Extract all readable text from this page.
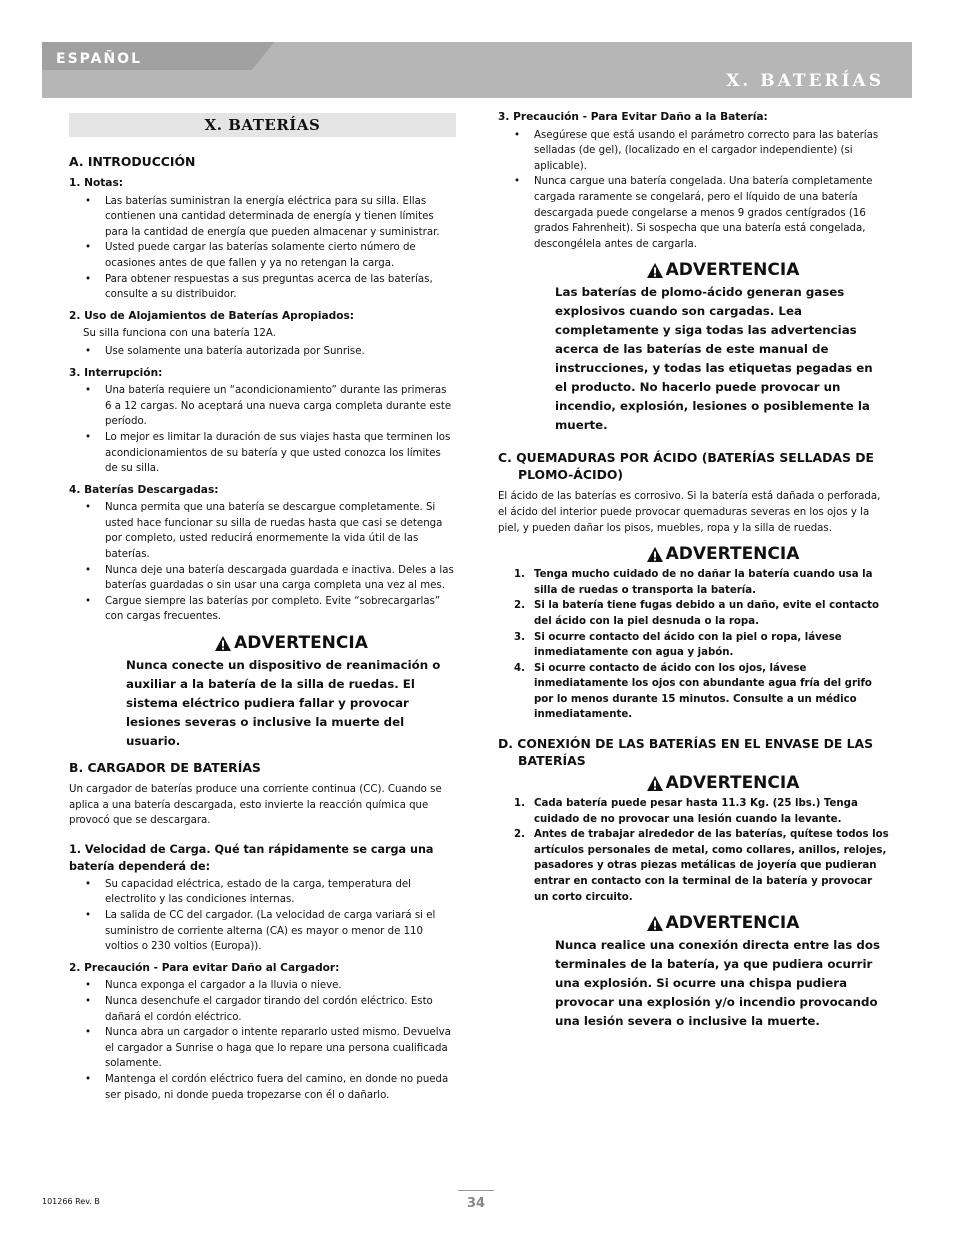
ESPAÑOL
X. BATERÍAS
X. BATERÍAS
A. INTRODUCCIÓN
1. Notas:
• Las baterías suministran la energía eléctrica para su silla. Ellas contienen una cantidad determinada de energía y tienen límites para la cantidad de energía que pueden almacenar y suministrar.
• Usted puede cargar las baterías solamente cierto número de ocasiones antes de que fallen y ya no retengan la carga.
• Para obtener respuestas a sus preguntas acerca de las baterías, consulte a su distribuidor.
2. Uso de Alojamientos de Baterías Apropiados:

Su silla funciona con una batería 12A.

• Use solamente una batería autorizada por Sunrise.
3. Interrupción:
• Una batería requiere un “acondicionamiento” durante las primeras 6 a 12 cargas. No aceptará una nueva carga completa durante este período.
• Lo mejor es limitar la duración de sus viajes hasta que terminen los acondicionamientos de su batería y que usted conozca los límites de su silla.
4. Baterías Descargadas:
• Nunca permita que una batería se descargue completamente. Si usted hace funcionar su silla de ruedas hasta que casi se detenga por completo, usted reducirá enormemente la vida útil de las baterías.
• Nunca deje una batería descargada guardada e inactiva. Deles a las baterías guardadas o sin usar una carga completa una vez al mes.
• Cargue siempre las baterías por completo. Evite “sobrecargarlas” con cargas frecuentes.
ADVERTENCIA
Nunca conecte un dispositivo de reanimación o auxiliar a la batería de la silla de ruedas. El sistema eléctrico pudiera fallar y provocar lesiones severas o inclusive la muerte del usuario.
B. CARGADOR DE BATERÍAS

Un cargador de baterías produce una corriente continua (CC). Cuando se aplica a una batería descargada, esto invierte la reacción química que provocó que se descargara.

1. Velocidad de Carga. Qué tan rápidamente se carga una batería dependerá de:
• Su capacidad eléctrica, estado de la carga, temperatura del electrolito y las condiciones internas.
• La salida de CC del cargador. (La velocidad de carga variará si el suministro de corriente alterna (CA) es mayor o menor de 110 voltios o 230 voltios (Europa)).
2. Precaución - Para evitar Daño al Cargador:
• Nunca exponga el cargador a la lluvia o nieve.
• Nunca desenchufe el cargador tirando del cordón eléctrico. Esto dañará el cordón eléctrico.
• Nunca abra un cargador o intente repararlo usted mismo. Devuelva el cargador a Sunrise o haga que lo repare una persona cualificada solamente.
• Mantenga el cordón eléctrico fuera del camino, en donde no pueda ser pisado, ni donde pueda tropezarse con él o dañarlo.
3. Precaución - Para Evitar Daño a la Batería:
• Asegúrese que está usando el parámetro correcto para las baterías selladas (de gel), (localizado en el cargador independiente) (si aplicable).
• Nunca cargue una batería congelada. Una batería completamente cargada raramente se congelará, pero el líquido de una batería descargada puede congelarse a menos 9 grados centígrados (16 grados Fahrenheit). Si sospecha que una batería está congelada, descongélela antes de cargarla.
ADVERTENCIA
Las baterías de plomo-ácido generan gases explosivos cuando son cargadas. Lea completamente y siga todas las advertencias acerca de las baterías de este manual de instrucciones, y todas las etiquetas pegadas en el producto. No hacerlo puede provocar un incendio, explosión, lesiones o posiblemente la muerte.
C. QUEMADURAS POR ÁCIDO (BATERÍAS SELLADAS DE PLOMO-ÁCIDO)

El ácido de las baterías es corrosivo. Si la batería está dañada o perforada, el ácido del interior puede provocar quemaduras severas en los ojos y la piel, y pueden dañar los pisos, muebles, ropa y la silla de ruedas.

ADVERTENCIA
1. Tenga mucho cuidado de no dañar la batería cuando usa la silla de ruedas o transporta la batería.
2. Si la batería tiene fugas debido a un daño, evite el contacto del ácido con la piel desnuda o la ropa.
3. Si ocurre contacto del ácido con la piel o ropa, lávese inmediatamente con agua y jabón.
4. Si ocurre contacto de ácido con los ojos, lávese inmediatamente los ojos con abundante agua fría del grifo por lo menos durante 15 minutos. Consulte a un médico inmediatamente.
D. CONEXIÓN DE LAS BATERÍAS EN EL ENVASE DE LAS BATERÍAS
ADVERTENCIA
1. Cada batería puede pesar hasta 11.3 Kg. (25 lbs.) Tenga cuidado de no provocar una lesión cuando la levante.
2. Antes de trabajar alrededor de las baterías, quítese todos los artículos personales de metal, como collares, anillos, relojes, pasadores y otras piezas metálicas de joyería que pudieran entrar en contacto con la terminal de la batería y provocar un corto circuito.
ADVERTENCIA
Nunca realice una conexión directa entre las dos terminales de la batería, ya que pudiera ocurrir una explosión. Si ocurre una chispa pudiera provocar una explosión y/o incendio provocando una lesión severa o inclusive la muerte.
101266 Rev. B	34
